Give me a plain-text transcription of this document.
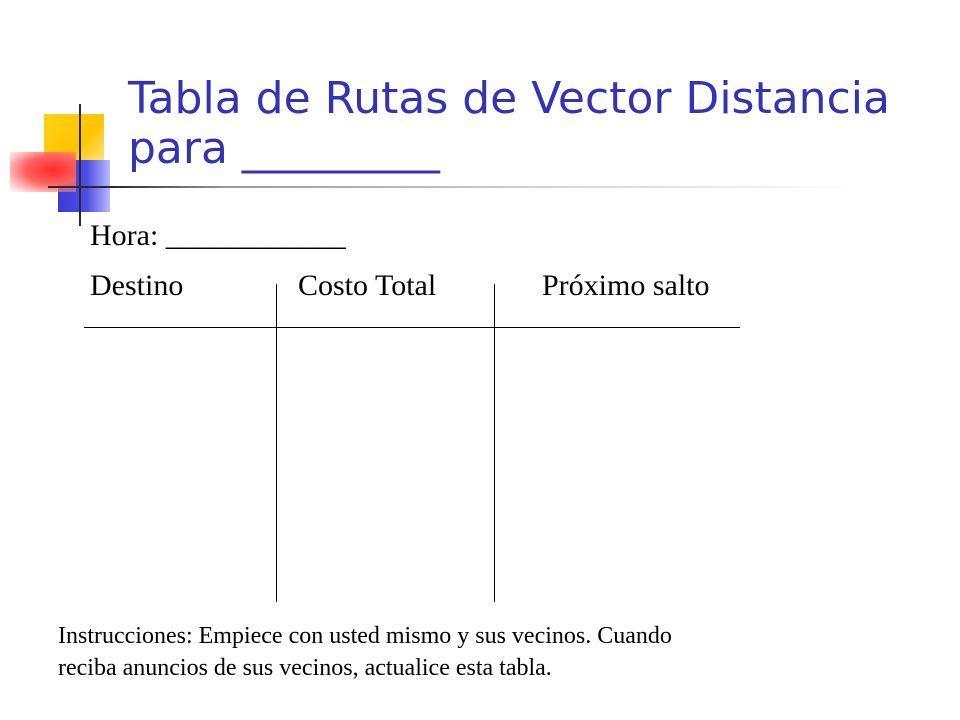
Tabla de Rutas de Vector Distancia
para _________
Hora: ____________
Destino	Costo Total	Próximo salto

Instrucciones: Empiece con usted mismo y sus vecinos. Cuando
reciba anuncios de sus vecinos, actualice esta tabla.
